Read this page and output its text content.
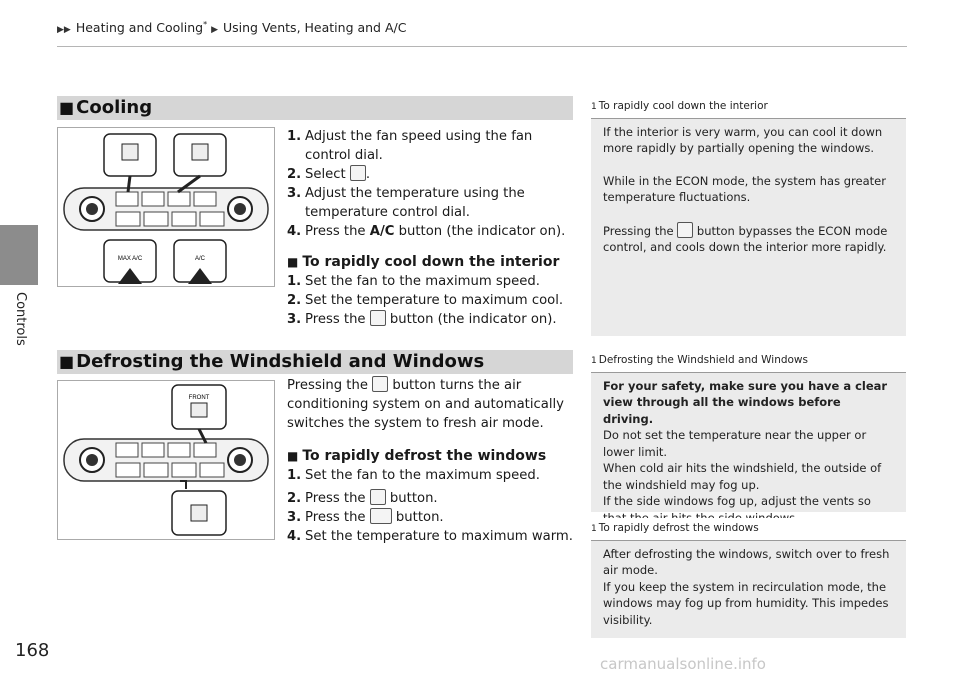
▶▶ Heating and Cooling* ▶ Using Vents, Heating and A/C
Controls
■ Cooling
MAX A/C	A/C
1. Adjust the fan speed using the fan control dial.
2. Select .
3. Adjust the temperature using the temperature control dial.
4. Press the A/C button (the indicator on).
■ To rapidly cool down the interior
1. Set the fan to the maximum speed.
2. Set the temperature to maximum cool.
3. Press the  button (the indicator on).
■ Defrosting the Windshield and Windows
FRONT

Pressing the  button turns the air conditioning system on and automatically switches the system to fresh air mode.

■ To rapidly defrost the windows
1. Set the fan to the maximum speed.
2. Press the  button.
3. Press the  button.
4. Set the temperature to maximum warm.
1 To rapidly cool down the interior

If the interior is very warm, you can cool it down more rapidly by partially opening the windows.

While in the ECON mode, the system has greater temperature fluctuations.

Pressing the  button bypasses the ECON mode control, and cools down the interior more rapidly.

1 Defrosting the Windshield and Windows

For your safety, make sure you have a clear view through all the windows before driving.

Do not set the temperature near the upper or lower limit.

When cold air hits the windshield, the outside of the windshield may fog up.

If the side windows fog up, adjust the vents so

1 To rapidly defrost the windows

After defrosting the windows, switch over to fresh air mode.

If you keep the system in recirculation mode, the windows may fog up from humidity. This impedes visibility.

168
carmanualsonline.info
